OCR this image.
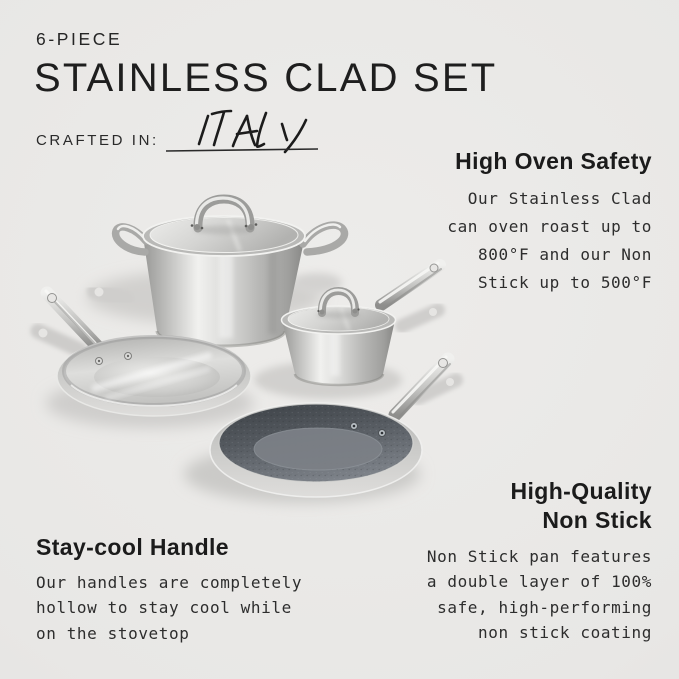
6-PIECE
STAINLESS CLAD SET
CRAFTED IN:
High Oven Safety
Our Stainless Clad
can oven roast up to
800°F and our Non
Stick up to 500°F
High-Quality
Non Stick
Non Stick pan features
a double layer of 100%
safe, high-performing
non stick coating
Stay-cool Handle
Our handles are completely
hollow to stay cool while
on the stovetop
